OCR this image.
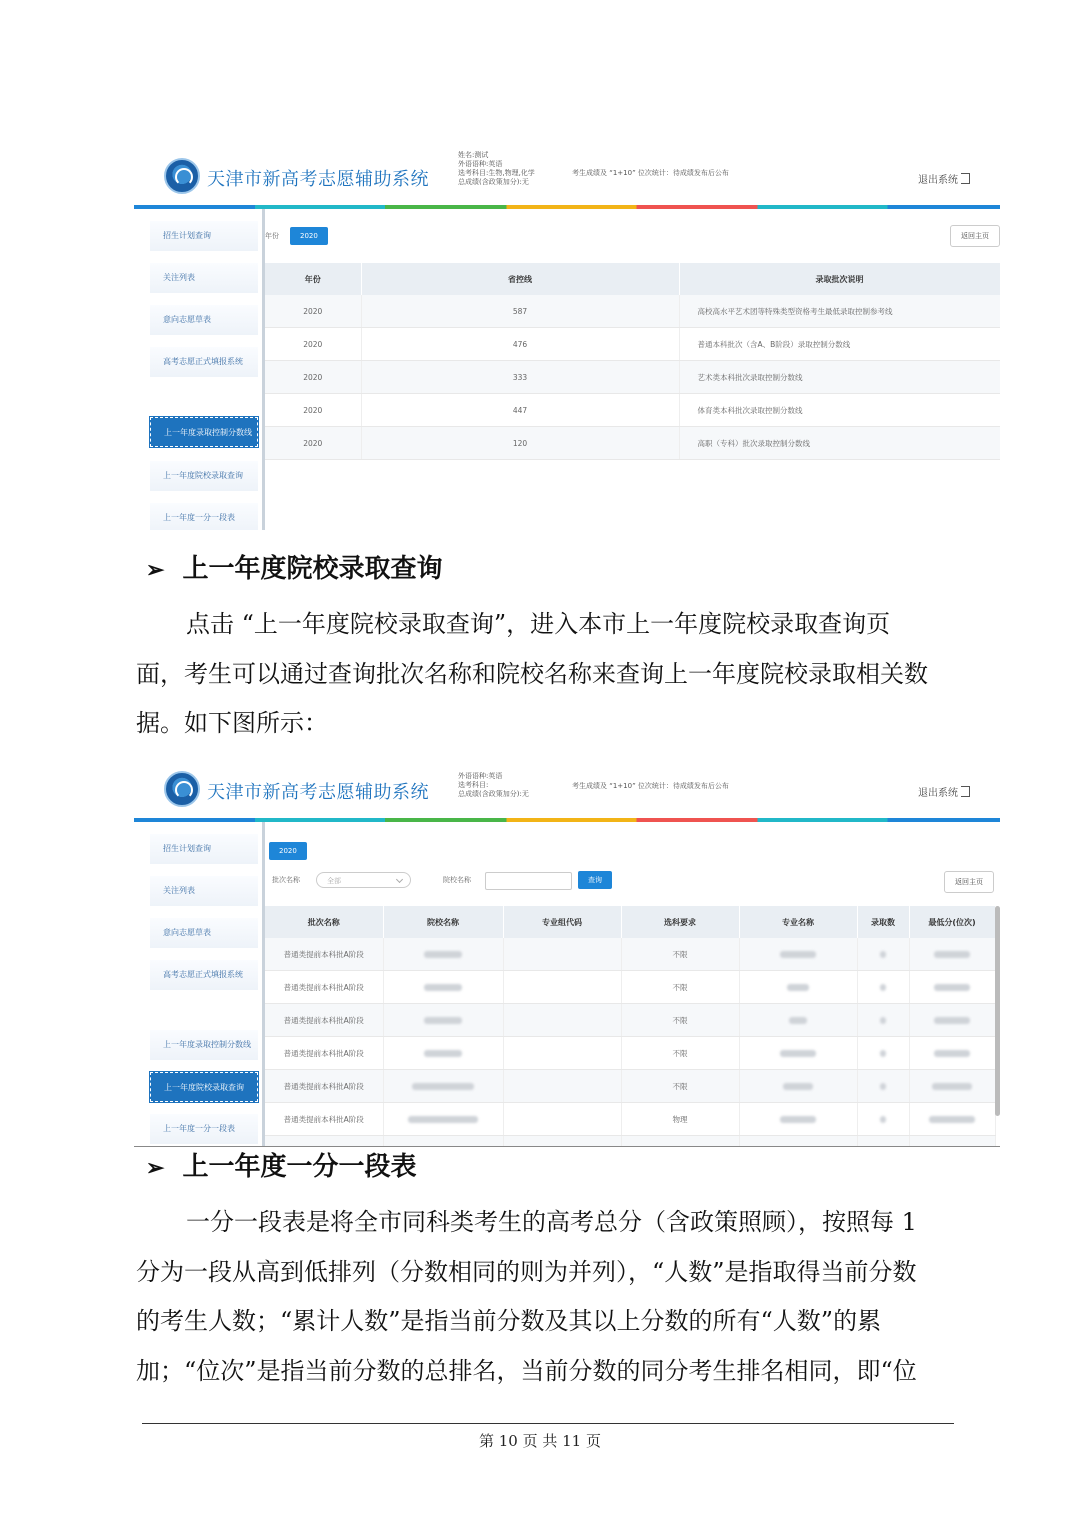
天津市新高考志愿辅助系统
姓名:测试
外语语种:英语
选考科目:生物,物理,化学
总成绩(含政策加分):无
考生成绩及 “1+10” 位次统计：待成绩发布后公布
退出系统
招生计划查询
关注列表
意向志愿草表
高考志愿正式填报系统
上一年度录取控制分数线
上一年度院校录取查询
上一年度一分一段表
年份	2020	返回主页
年份	省控线	录取批次说明
2020	587	高校高水平艺术团等特殊类型资格考生最低录取控制参考线
2020	476	普通本科批次（含A、B阶段）录取控制分数线
2020	333	艺术类本科批次录取控制分数线
2020	447	体育类本科批次录取控制分数线
2020	120	高职（专科）批次录取控制分数线
➢ 上一年度院校录取查询
点击 “上一年度院校录取查询”，进入本市上一年度院校录取查询页
面，考生可以通过查询批次名称和院校名称来查询上一年度院校录取相关数
据。如下图所示：
天津市新高考志愿辅助系统
外语语种:英语
选考科目:
总成绩(含政策加分):无
考生成绩及 “1+10” 位次统计：待成绩发布后公布
退出系统
招生计划查询
关注列表
意向志愿草表
高考志愿正式填报系统
上一年度录取控制分数线
上一年度院校录取查询
上一年度一分一段表
2020
批次名称	全部	院校名称	查询	返回主页
批次名称	院校名称	专业组代码	选科要求	专业名称	录取数	最低分(位次)
普通类提前本科批A阶段			不限			
普通类提前本科批A阶段			不限			
普通类提前本科批A阶段			不限			
普通类提前本科批A阶段			不限			
普通类提前本科批A阶段			不限			
普通类提前本科批A阶段			物理			

➢ 上一年度一分一段表
一分一段表是将全市同科类考生的高考总分（含政策照顾），按照每 1
分为一段从高到低排列（分数相同的则为并列），“人数”是指取得当前分数
的考生人数；“累计人数”是指当前分数及其以上分数的所有“人数”的累
加；“位次”是指当前分数的总排名，当前分数的同分考生排名相同，即“位
第 10 页 共 11 页
